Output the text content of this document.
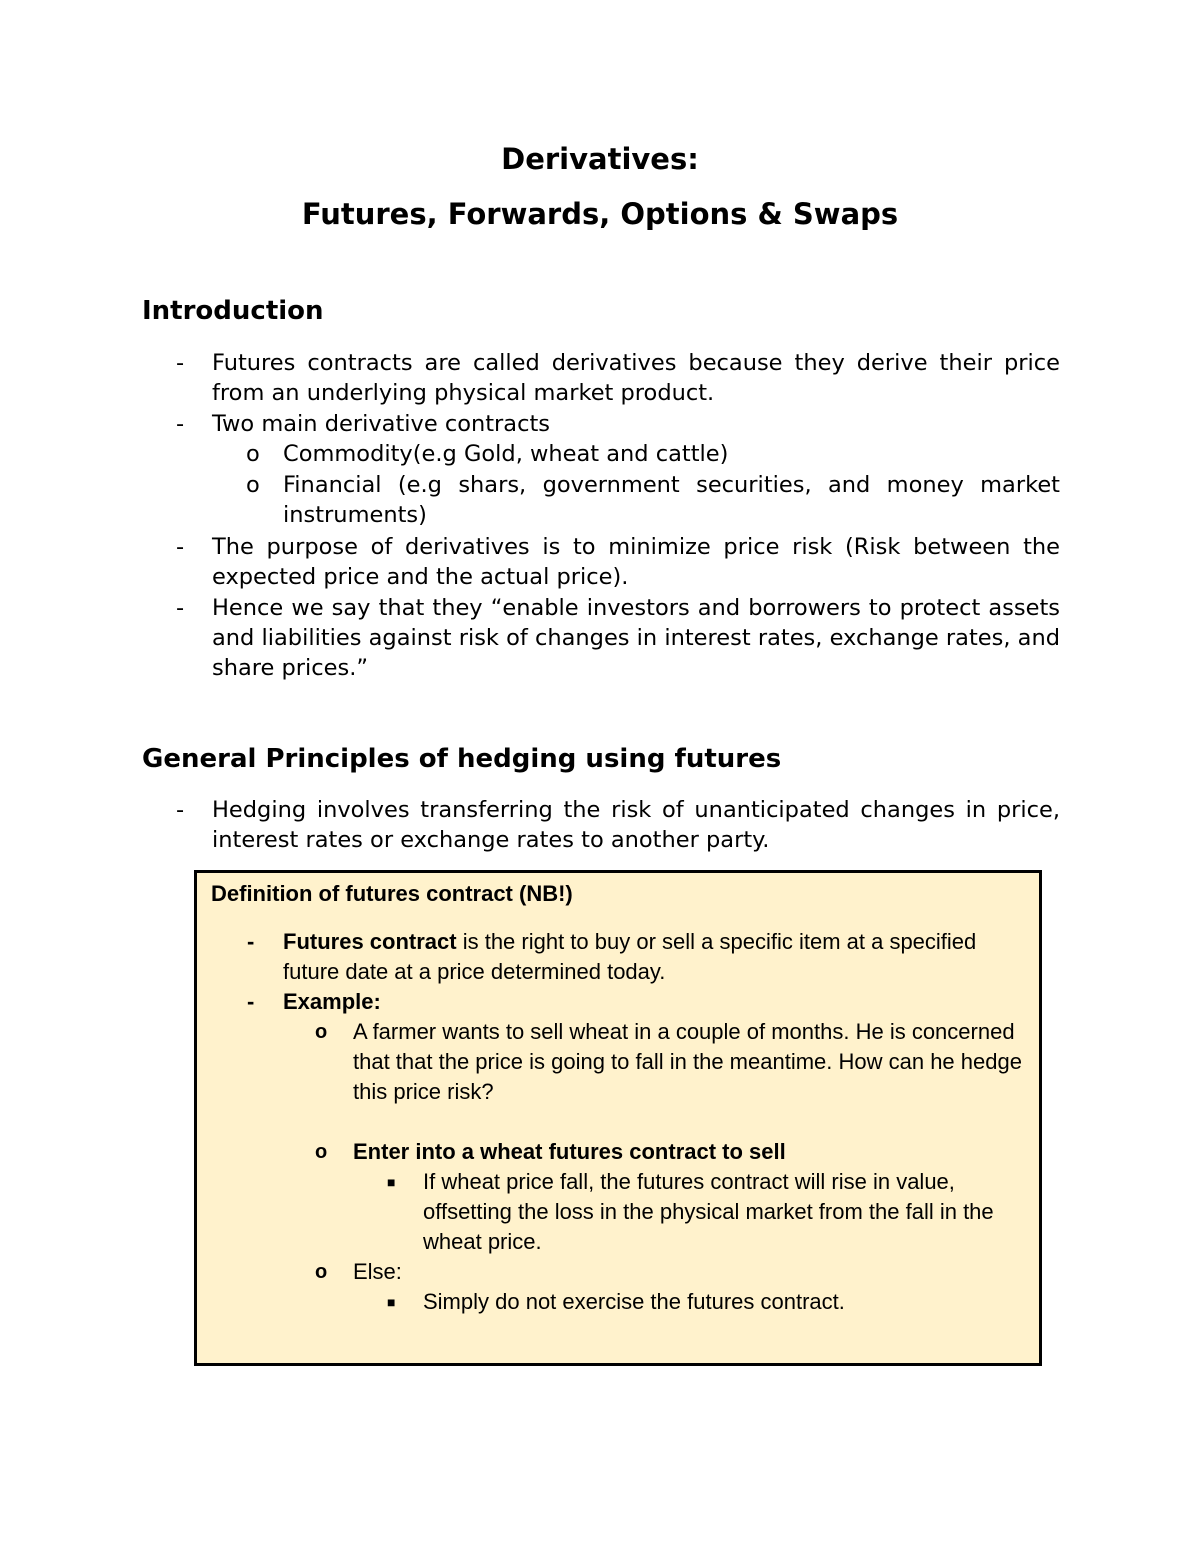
Derivatives:
Futures, Forwards, Options & Swaps
Introduction
- Futures contracts are called derivatives because they derive their price from an underlying physical market product.
- Two main derivative contracts
o Commodity(e.g Gold, wheat and cattle)
o Financial (e.g shars, government securities, and money market instruments)
- The purpose of derivatives is to minimize price risk (Risk between the expected price and the actual price).
- Hence we say that they “enable investors and borrowers to protect assets and liabilities against risk of changes in interest rates, exchange rates, and share prices.”
General Principles of hedging using futures
- Hedging involves transferring the risk of unanticipated changes in price, interest rates or exchange rates to another party.
Definition of futures contract (NB!)
- Futures contract is the right to buy or sell a specific item at a specified future date at a price determined today.
- Example:
o A farmer wants to sell wheat in a couple of months. He is concerned that that the price is going to fall in the meantime. How can he hedge this price risk?
o Enter into a wheat futures contract to sell
■ If wheat price fall, the futures contract will rise in value, offsetting the loss in the physical market from the fall in the wheat price.
o Else:
■ Simply do not exercise the futures contract.
